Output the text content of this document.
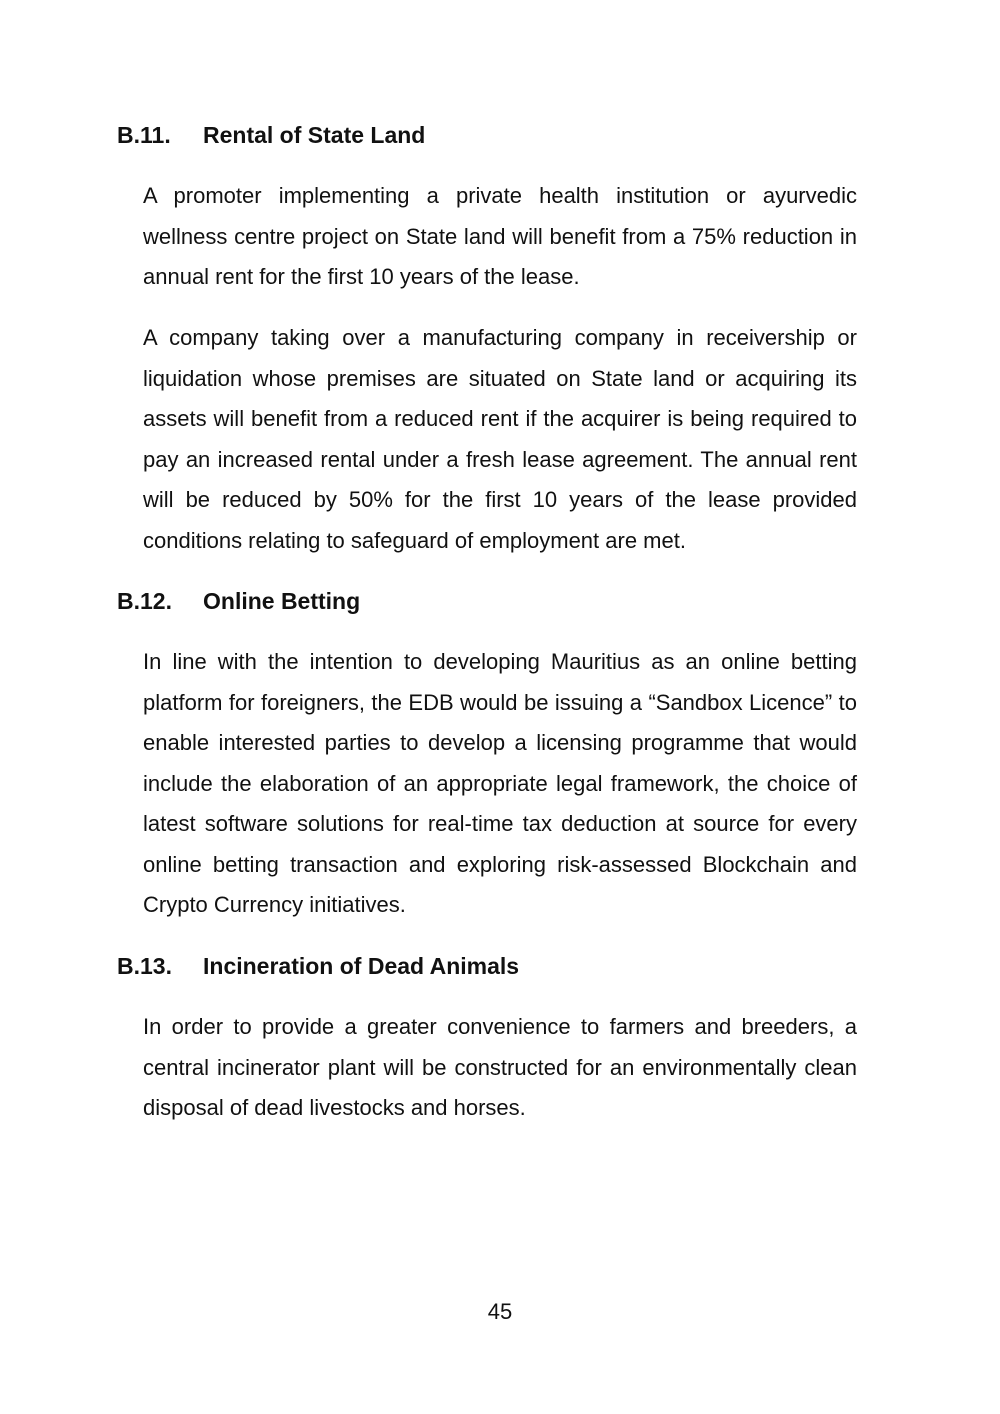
B.11. Rental of State Land

A promoter implementing a private health institution or ayurvedic wellness centre project on State land will benefit from a 75% reduction in annual rent for the first 10 years of the lease.

A company taking over a manufacturing company in receivership or liquidation whose premises are situated on State land or acquiring its assets will benefit from a reduced rent if the acquirer is being required to pay an increased rental under a fresh lease agreement. The annual rent will be reduced by 50% for the first 10 years of the lease provided conditions relating to safeguard of employment are met.

B.12. Online Betting

In line with the intention to developing Mauritius as an online betting platform for foreigners, the EDB would be issuing a “Sandbox Licence” to enable interested parties to develop a licensing programme that would include the elaboration of an appropriate legal framework, the choice of latest software solutions for real-time tax deduction at source for every online betting transaction and exploring risk-assessed Blockchain and Crypto Currency initiatives.

B.13. Incineration of Dead Animals

In order to provide a greater convenience to farmers and breeders, a central incinerator plant will be constructed for an environmentally clean disposal of dead livestocks and horses.

45
